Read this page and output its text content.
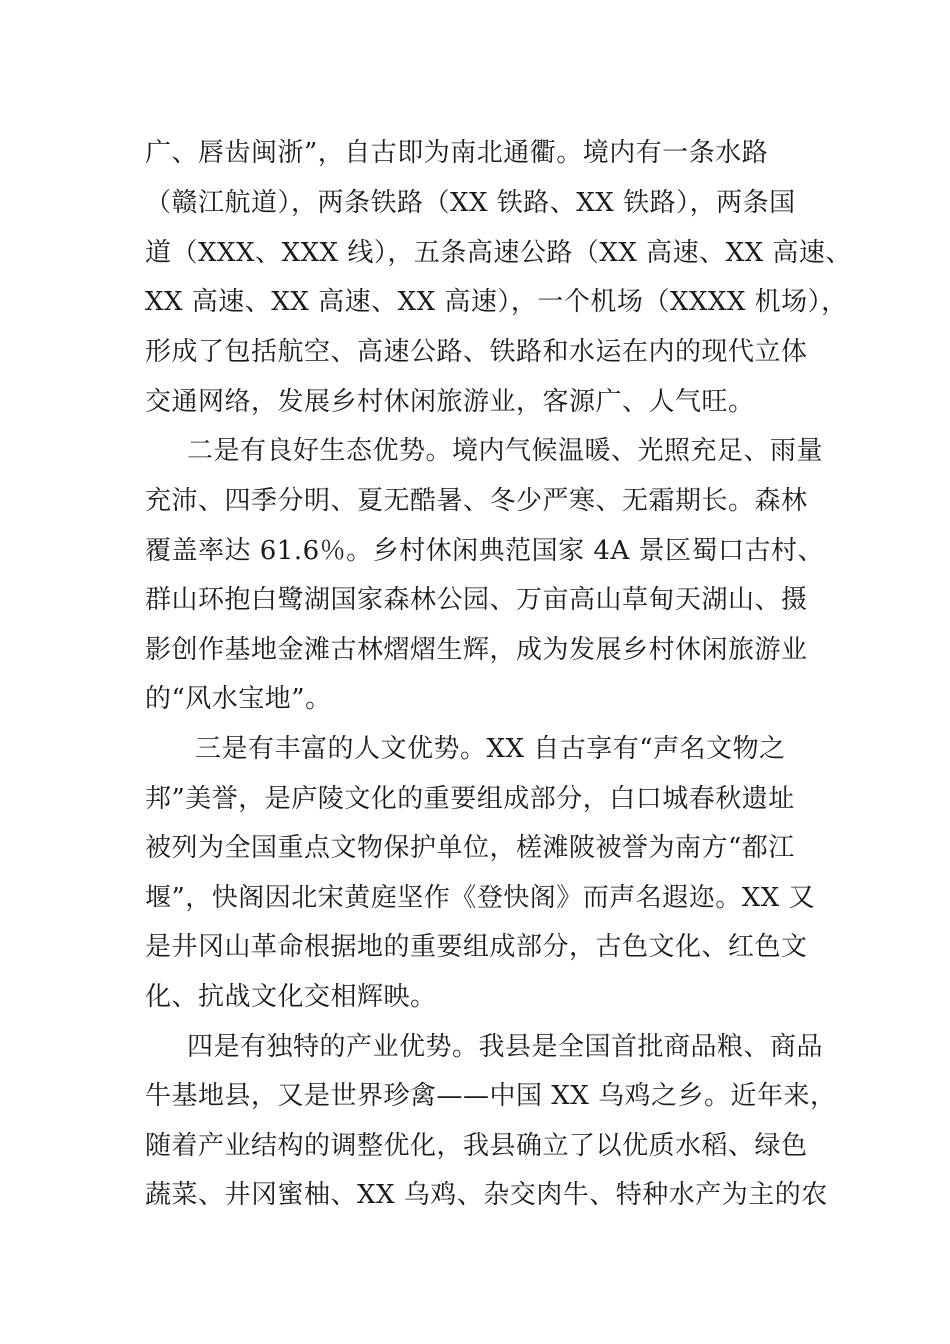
广、唇齿闽浙”，自古即为南北通衢。境内有一条水路
（赣江航道），两条铁路（XX 铁路、XX 铁路），两条国
道（XXX、XXX 线），五条高速公路（XX 高速、XX 高速、
XX 高速、XX 高速、XX 高速），一个机场（XXXX 机场），
形成了包括航空、高速公路、铁路和水运在内的现代立体
交通网络，发展乡村休闲旅游业，客源广、人气旺。
二是有良好生态优势。境内气候温暖、光照充足、雨量
充沛、四季分明、夏无酷暑、冬少严寒、无霜期长。森林
覆盖率达 61.6％。乡村休闲典范国家 4A 景区蜀口古村、
群山环抱白鹭湖国家森林公园、万亩高山草甸天湖山、摄
影创作基地金滩古林熠熠生辉，成为发展乡村休闲旅游业
的“风水宝地”。
三是有丰富的人文优势。XX 自古享有“声名文物之
邦”美誉，是庐陵文化的重要组成部分，白口城春秋遗址
被列为全国重点文物保护单位，槎滩陂被誉为南方“都江
堰”，快阁因北宋黄庭坚作《登快阁》而声名遐迩。XX 又
是井冈山革命根据地的重要组成部分，古色文化、红色文
化、抗战文化交相辉映。
四是有独特的产业优势。我县是全国首批商品粮、商品
牛基地县，又是世界珍禽——中国 XX 乌鸡之乡。近年来，
随着产业结构的调整优化，我县确立了以优质水稻、绿色
蔬菜、井冈蜜柚、XX 乌鸡、杂交肉牛、特种水产为主的农
